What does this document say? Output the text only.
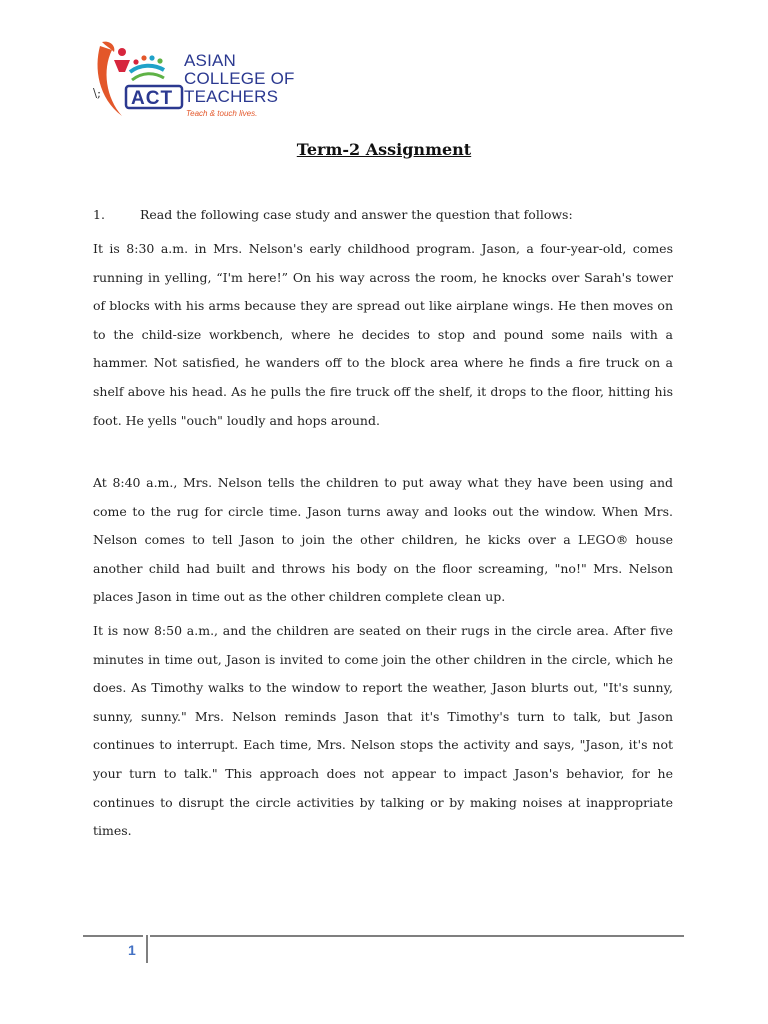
\; ACT
ASIAN
COLLEGE OF
TEACHERS
Teach & touch lives.
Term-2 Assignment
1.	Read the following case study and answer the question that follows:

It is 8:30 a.m. in Mrs. Nelson's early childhood program. Jason, a four-year-old, comes running in yelling, “I'm here!” On his way across the room, he knocks over Sarah's tower of blocks with his arms because they are spread out like airplane wings. He then moves on to the child-size workbench, where he decides to stop and pound some nails with a hammer. Not satisfied, he wanders off to the block area where he finds a fire truck on a shelf above his head. As he pulls the fire truck off the shelf, it drops to the floor, hitting his foot. He yells "ouch" loudly and hops around.

At 8:40 a.m., Mrs. Nelson tells the children to put away what they have been using and come to the rug for circle time. Jason turns away and looks out the window. When Mrs. Nelson comes to tell Jason to join the other children, he kicks over a LEGO® house another child had built and throws his body on the floor screaming, "no!" Mrs. Nelson places Jason in time out as the other children complete clean up.

It is now 8:50 a.m., and the children are seated on their rugs in the circle area. After five minutes in time out, Jason is invited to come join the other children in the circle, which he does. As Timothy walks to the window to report the weather, Jason blurts out, "It's sunny, sunny, sunny." Mrs. Nelson reminds Jason that it's Timothy's turn to talk, but Jason continues to interrupt. Each time, Mrs. Nelson stops the activity and says, "Jason, it's not your turn to talk." This approach does not appear to impact Jason's behavior, for he continues to disrupt the circle activities by talking or by making noises at inappropriate times.

1
